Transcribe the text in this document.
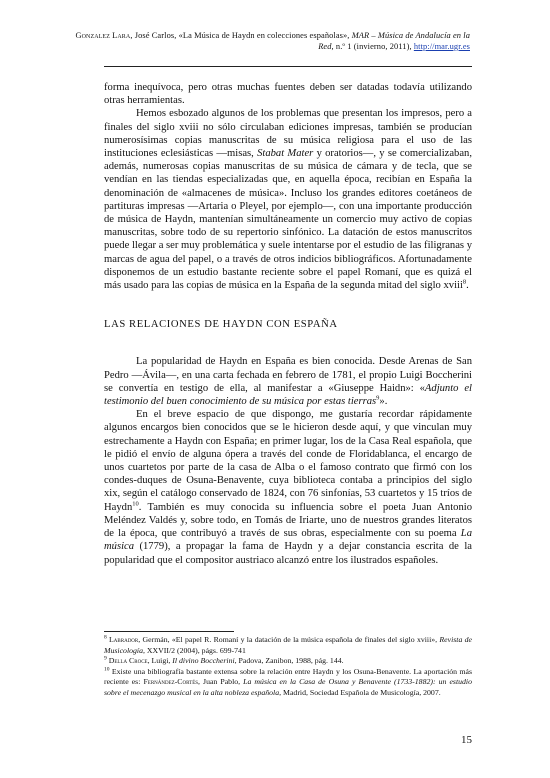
Gonzalez Lara, José Carlos, «La Música de Haydn en colecciones españolas», MAR – Música de Andalucía en la Red, n.º 1 (invierno, 2011), http://mar.ugr.es

forma inequívoca, pero otras muchas fuentes deben ser datadas todavía utilizando otras herramientas.

Hemos esbozado algunos de los problemas que presentan los impresos, pero a finales del siglo xviii no sólo circulaban ediciones impresas, también se producían numerosísimas copias manuscritas de su música religiosa para el uso de las instituciones eclesiásticas —misas, Stabat Mater y oratorios—, y se comercializaban, además, numerosas copias manuscritas de su música de cámara y de tecla, que se vendían en las tiendas especializadas que, en aquella época, recibían en España la denominación de «almacenes de música». Incluso los grandes editores coetáneos de partituras impresas —Artaria o Pleyel, por ejemplo—, con una importante producción de música de Haydn, mantenían simultáneamente un comercio muy activo de copias manuscritas, sobre todo de su repertorio sinfónico. La datación de estos manuscritos puede llegar a ser muy problemática y suele intentarse por el estudio de las filigranas y marcas de agua del papel, o a través de otros indicios bibliográficos. Afortunadamente disponemos de un estudio bastante reciente sobre el papel Romaní, que es quizá el más usado para las copias de música en la España de la segunda mitad del siglo xviii$^8$.

LAS RELACIONES DE HAYDN CON ESPAÑA

La popularidad de Haydn en España es bien conocida. Desde Arenas de San Pedro —Ávila—, en una carta fechada en febrero de 1781, el propio Luigi Boccherini se convertía en testigo de ella, al manifestar a «Giuseppe Haidn»: «Adjunto el testimonio del buen conocimiento de su música por estas tierras$^9$».

En el breve espacio de que dispongo, me gustaría recordar rápidamente algunos encargos bien conocidos que se le hicieron desde aquí, y que vinculan muy estrechamente a Haydn con España; en primer lugar, los de la Casa Real española, que le pidió el envío de alguna ópera a través del conde de Floridablanca, el encargo de unos cuartetos por parte de la casa de Alba o el famoso contrato que firmó con los condes-duques de Osuna-Benavente, cuya biblioteca contaba a principios del siglo xix, según el catálogo conservado de 1824, con 76 sinfonías, 53 cuartetos y 15 tríos de Haydn$^{10}$. También es muy conocida su influencia sobre el poeta Juan Antonio Meléndez Valdés y, sobre todo, en Tomás de Iriarte, uno de nuestros grandes literatos de la época, que contribuyó a través de sus obras, especialmente con su poema La música (1779), a propagar la fama de Haydn y a dejar constancia escrita de la popularidad que el compositor austriaco alcanzó entre los ilustrados españoles.

$^8$ Labrador, Germán, «El papel R. Romaní y la datación de la música española de finales del siglo xviii», Revista de Musicología, XXVII/2 (2004), págs. 699-741

$^9$ Della Croce, Luigi, Il divino Boccherini, Padova, Zanibon, 1988, pág. 144.

$^{10}$ Existe una bibliografía bastante extensa sobre la relación entre Haydn y los Osuna-Benavente. La aportación más reciente es: Fernández-Cortés, Juan Pablo, La música en la Casa de Osuna y Benavente (1733-1882): un estudio sobre el mecenazgo musical en la alta nobleza española, Madrid, Sociedad Española de Musicología, 2007.

15
